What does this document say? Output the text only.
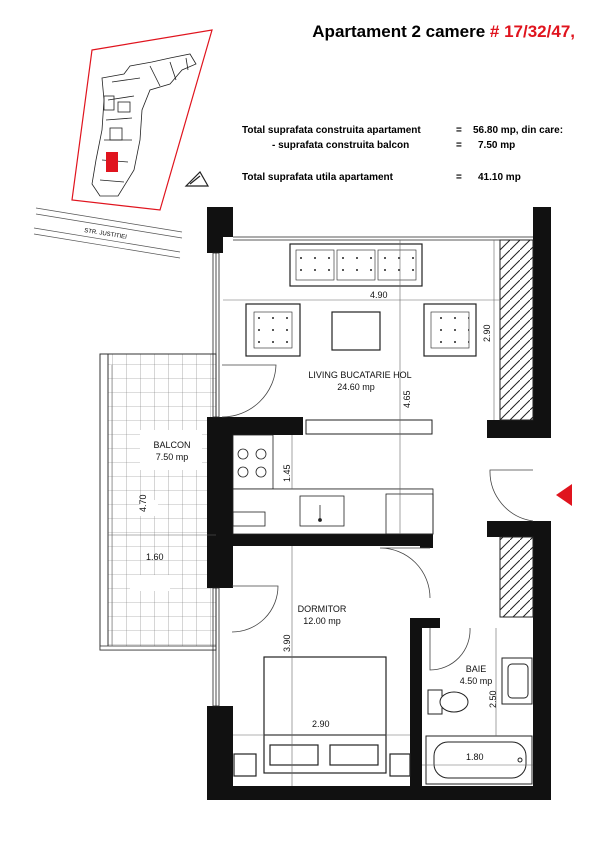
Apartament 2 camere # 17/32/47,
Total suprafata construita apartament	= 56.80 mp, din care:
- suprafata construita balcon	= 7.50 mp
Total suprafata utila apartament	= 41.10 mp
STR. JUSTITIEI
LIVING BUCATARIE HOL
24.60 mp
BALCON
7.50 mp
DORMITOR
12.00 mp
BAIE
4.50 mp
4.90
2.90
4.65
1.45
4.70
1.60
3.90
2.90
2.50
1.80
